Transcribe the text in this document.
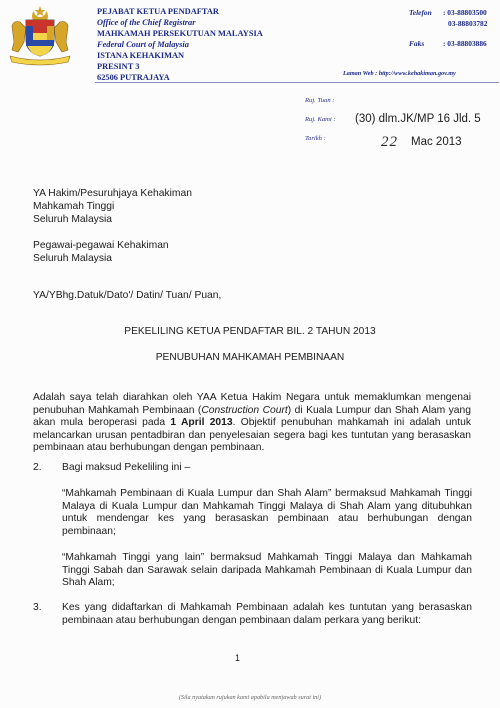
PEJABAT KETUA PENDAFTAR
Office of the Chief Registrar
MAHKAMAH PERSEKUTUAN MALAYSIA
Federal Court of Malaysia
ISTANA KEHAKIMAN
PRESINT 3
62506 PUTRAJAYA
Telefon : 03-88803500
03-88803782
Faks	: 03-88803886
Laman Web : http://www.kehakiman.gov.my
Ruj. Tuan :
Ruj. Kami : (30) dlm.JK/MP 16 Jld. 5
Tarikh :	22 Mac 2013
YA Hakim/Pesuruhjaya Kehakiman
Mahkamah Tinggi
Seluruh Malaysia
Pegawai-pegawai Kehakiman
Seluruh Malaysia
YA/YBhg.Datuk/Dato'/ Datin/ Tuan/ Puan,
PEKELILING KETUA PENDAFTAR BIL. 2 TAHUN 2013
PENUBUHAN MAHKAMAH PEMBINAAN
Adalah saya telah diarahkan oleh YAA Ketua Hakim Negara untuk memaklumkan mengenai penubuhan Mahkamah Pembinaan (Construction Court) di Kuala Lumpur dan Shah Alam yang akan mula beroperasi pada 1 April 2013. Objektif penubuhan mahkamah ini adalah untuk melancarkan urusan pentadbiran dan penyelesaian segera bagi kes tuntutan yang berasaskan pembinaan atau berhubungan dengan pembinaan.
2. Bagi maksud Pekeliling ini –
“Mahkamah Pembinaan di Kuala Lumpur dan Shah Alam” bermaksud Mahkamah Tinggi Malaya di Kuala Lumpur dan Mahkamah Tinggi Malaya di Shah Alam yang ditubuhkan untuk mendengar kes yang berasaskan pembinaan atau berhubungan dengan pembinaan;
“Mahkamah Tinggi yang lain” bermaksud Mahkamah Tinggi Malaya dan Mahkamah Tinggi Sabah dan Sarawak selain daripada Mahkamah Pembinaan di Kuala Lumpur dan Shah Alam;
3. Kes yang didaftarkan di Mahkamah Pembinaan adalah kes tuntutan yang berasaskan pembinaan atau berhubungan dengan pembinaan dalam perkara yang berikut:
1
(Sila nyatakan rujukan kami apabila menjawab surat ini)
